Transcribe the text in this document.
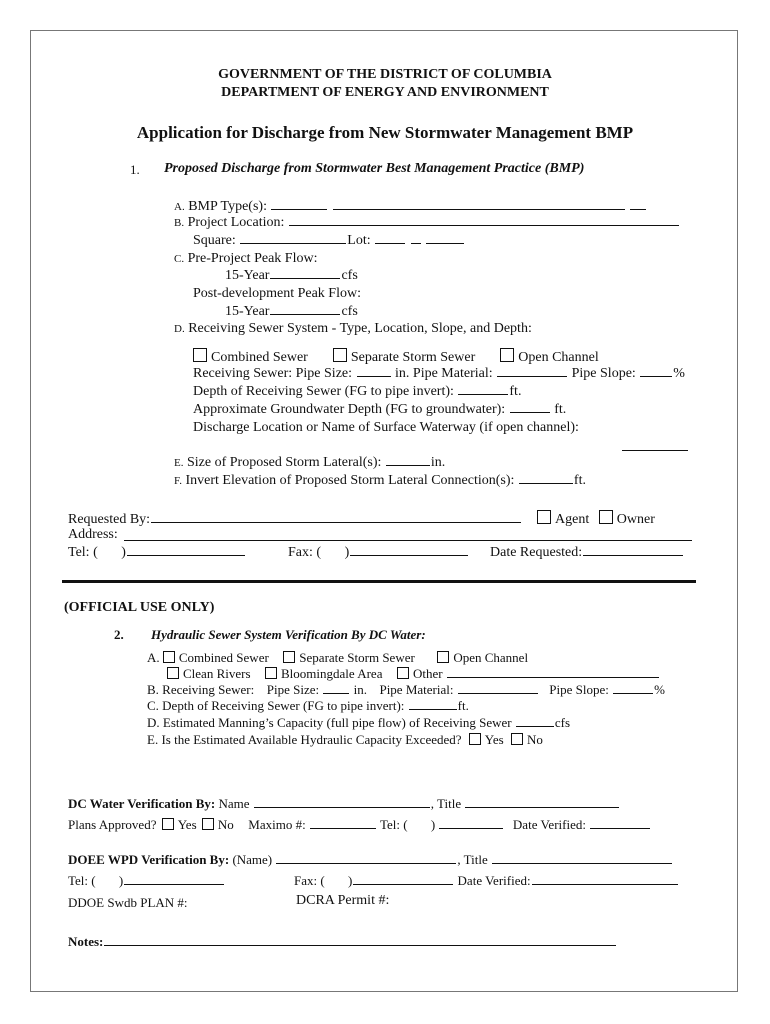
GOVERNMENT OF THE DISTRICT OF COLUMBIA
DEPARTMENT OF ENERGY AND ENVIRONMENT
Application for Discharge from New Stormwater Management BMP
1. Proposed Discharge from Stormwater Best Management Practice (BMP)
A. BMP Type(s):
B. Project Location:
Square:	Lot:
C. Pre-Project Peak Flow:
15-Year	cfs
Post-development Peak Flow:
15-Year	cfs
D. Receiving Sewer System - Type, Location, Slope, and Depth:
Combined Sewer	Separate Storm Sewer	Open Channel
Receiving Sewer: Pipe Size:	in. Pipe Material:	Pipe Slope:	%
Depth of Receiving Sewer (FG to pipe invert):	ft.
Approximate Groundwater Depth (FG to groundwater):	ft.
Discharge Location or Name of Surface Waterway (if open channel):
E. Size of Proposed Storm Lateral(s):	in.
F. Invert Elevation of Proposed Storm Lateral Connection(s):	ft.
Requested By:	Agent Owner
Address:
Tel: ( )	Fax: ( )	Date Requested:
(OFFICIAL USE ONLY)
2. Hydraulic Sewer System Verification By DC Water:
A. Combined Sewer Separate Storm Sewer	Open Channel
Clean Rivers Bloomingdale Area Other
B. Receiving Sewer: Pipe Size:	in. Pipe Material:	Pipe Slope:	%
C. Depth of Receiving Sewer (FG to pipe invert):	ft.
D. Estimated Manning’s Capacity (full pipe flow) of Receiving Sewer	cfs
E. Is the Estimated Available Hydraulic Capacity Exceeded? Yes No
DC Water Verification By: Name	, Title
Plans Approved? Yes No Maximo #:	Tel: ( )	Date Verified:
DOEE WPD Verification By: (Name)	, Title
Tel: ( )	Fax: ( )	Date Verified:
DDOE Swdb PLAN #:	DCRA Permit #:
Notes:
